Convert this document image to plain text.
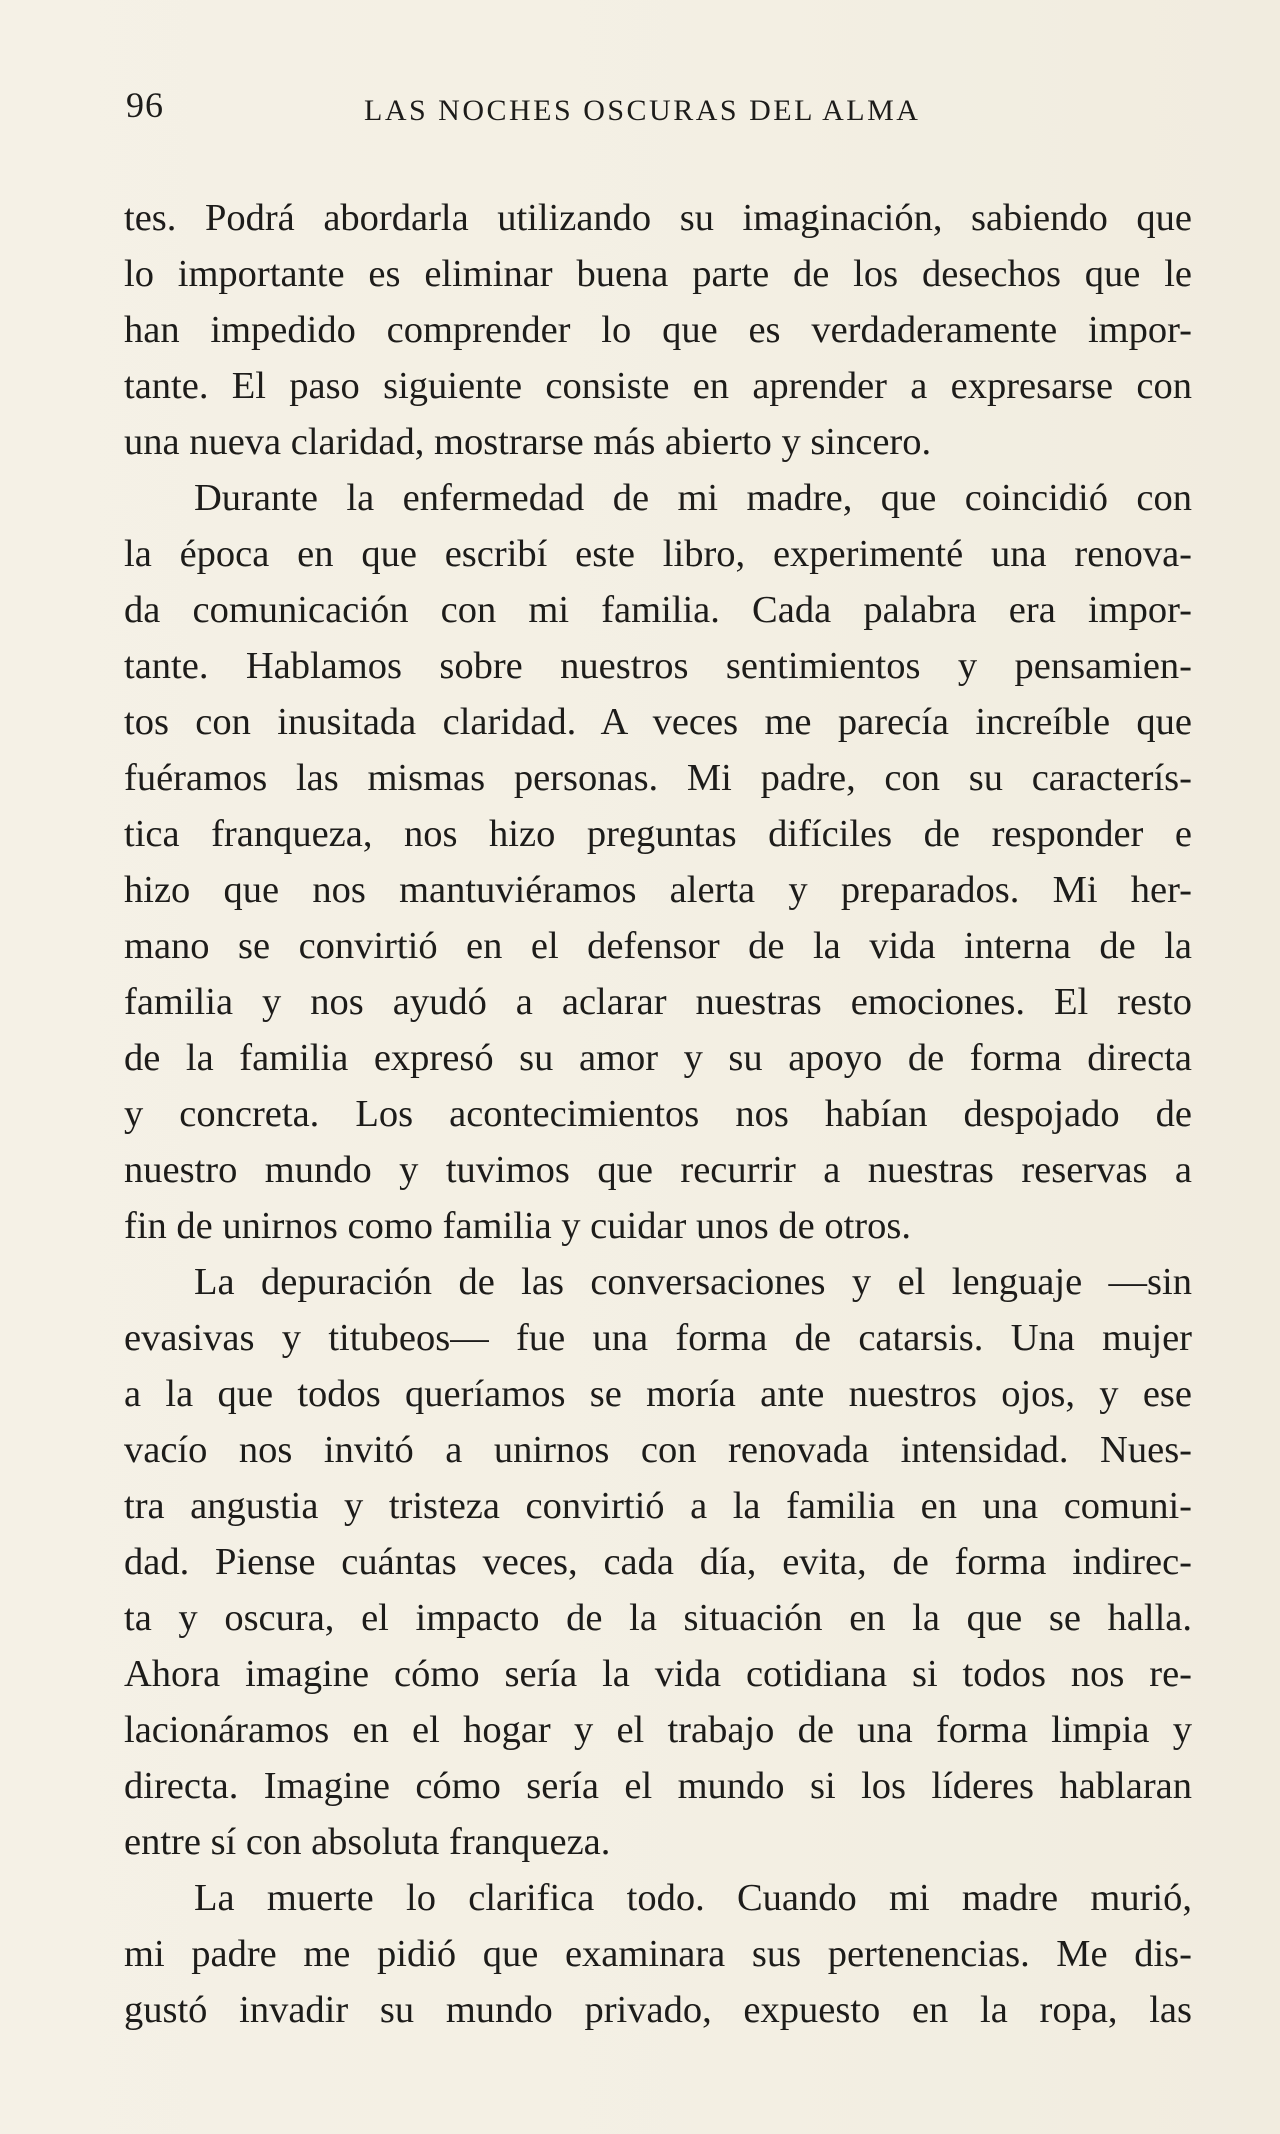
96	LAS NOCHES OSCURAS DEL ALMA
tes. Podrá abordarla utilizando su imaginación, sabiendo que
lo importante es eliminar buena parte de los desechos que le
han impedido comprender lo que es verdaderamente impor-
tante. El paso siguiente consiste en aprender a expresarse con
una nueva claridad, mostrarse más abierto y sincero.
Durante la enfermedad de mi madre, que coincidió con
la época en que escribí este libro, experimenté una renova-
da comunicación con mi familia. Cada palabra era impor-
tante. Hablamos sobre nuestros sentimientos y pensamien-
tos con inusitada claridad. A veces me parecía increíble que
fuéramos las mismas personas. Mi padre, con su caracterís-
tica franqueza, nos hizo preguntas difíciles de responder e
hizo que nos mantuviéramos alerta y preparados. Mi her-
mano se convirtió en el defensor de la vida interna de la
familia y nos ayudó a aclarar nuestras emociones. El resto
de la familia expresó su amor y su apoyo de forma directa
y concreta. Los acontecimientos nos habían despojado de
nuestro mundo y tuvimos que recurrir a nuestras reservas a
fin de unirnos como familia y cuidar unos de otros.
La depuración de las conversaciones y el lenguaje —sin
evasivas y titubeos— fue una forma de catarsis. Una mujer
a la que todos queríamos se moría ante nuestros ojos, y ese
vacío nos invitó a unirnos con renovada intensidad. Nues-
tra angustia y tristeza convirtió a la familia en una comuni-
dad. Piense cuántas veces, cada día, evita, de forma indirec-
ta y oscura, el impacto de la situación en la que se halla.
Ahora imagine cómo sería la vida cotidiana si todos nos re-
lacionáramos en el hogar y el trabajo de una forma limpia y
directa. Imagine cómo sería el mundo si los líderes hablaran
entre sí con absoluta franqueza.
La muerte lo clarifica todo. Cuando mi madre murió,
mi padre me pidió que examinara sus pertenencias. Me dis-
gustó invadir su mundo privado, expuesto en la ropa, las
